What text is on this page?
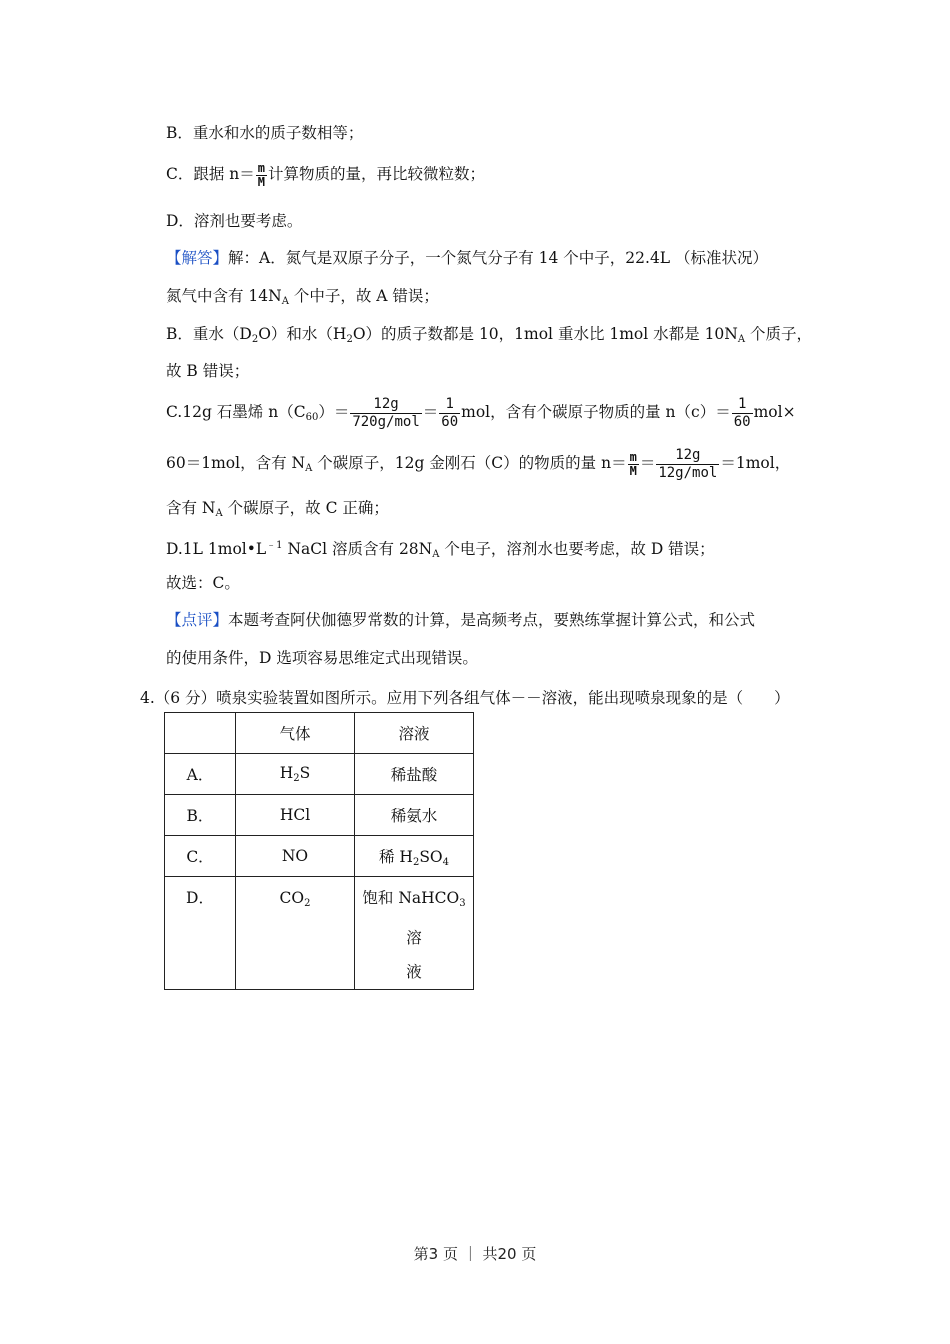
B．重水和水的质子数相等；
C．跟据 $n= \frac{m}{M}$ 计算物质的量，再比较微粒数；
D．溶剂也要考虑。
【解答】解：A．氮气是双原子分子，一个氮气分子有 14 个中子，22.4L （标准状况）
氮气中含有 $14N_A$ 个中子，故 A 错误；
B．重水$(D_2O)$和水$(H_2O)$的质子数都是 10，1mol 重水比 1mol 水都是 $10N_A$ 个质子，
故 B 错误；
C.12g 石墨烯 $n(C_{60})= \frac{12g}{\text{720g/mol}} = \frac{1}{60}$ mol，含有个碳原子物质的量 $n(c)= \frac{1}{60} mol\times$
60＝1mol，含有 $N_A$ 个碳原子，12g 金刚石（C）的物质的量 $n= \frac{m}{M} = \frac{12g}{\text{12g/mol}} =1mol$，
含有 $N_A$ 个碳原子，故 C 正确；
D.1L $1mol•L^{﹣1}$ NaCl 溶质含有 $28N_A$ 个电子，溶剂水也要考虑，故 D 错误；
故选：C。
【点评】本题考查阿伏伽德罗常数的计算，是高频考点，要熟练掌握计算公式，和公式
的使用条件，D 选项容易思维定式出现错误。
4.（6 分）喷泉实验装置如图所示。应用下列各组气体－－溶液，能出现喷泉现象的是（　　）
	气体	溶液
A．	$H_2S$	稀盐酸
B．	HCl	稀氨水
C．	NO	稀 $H_2SO_4$

D．	$CO_2$	饱和 NaHCO$_3$溶
液
第3 页 ｜ 共20 页
